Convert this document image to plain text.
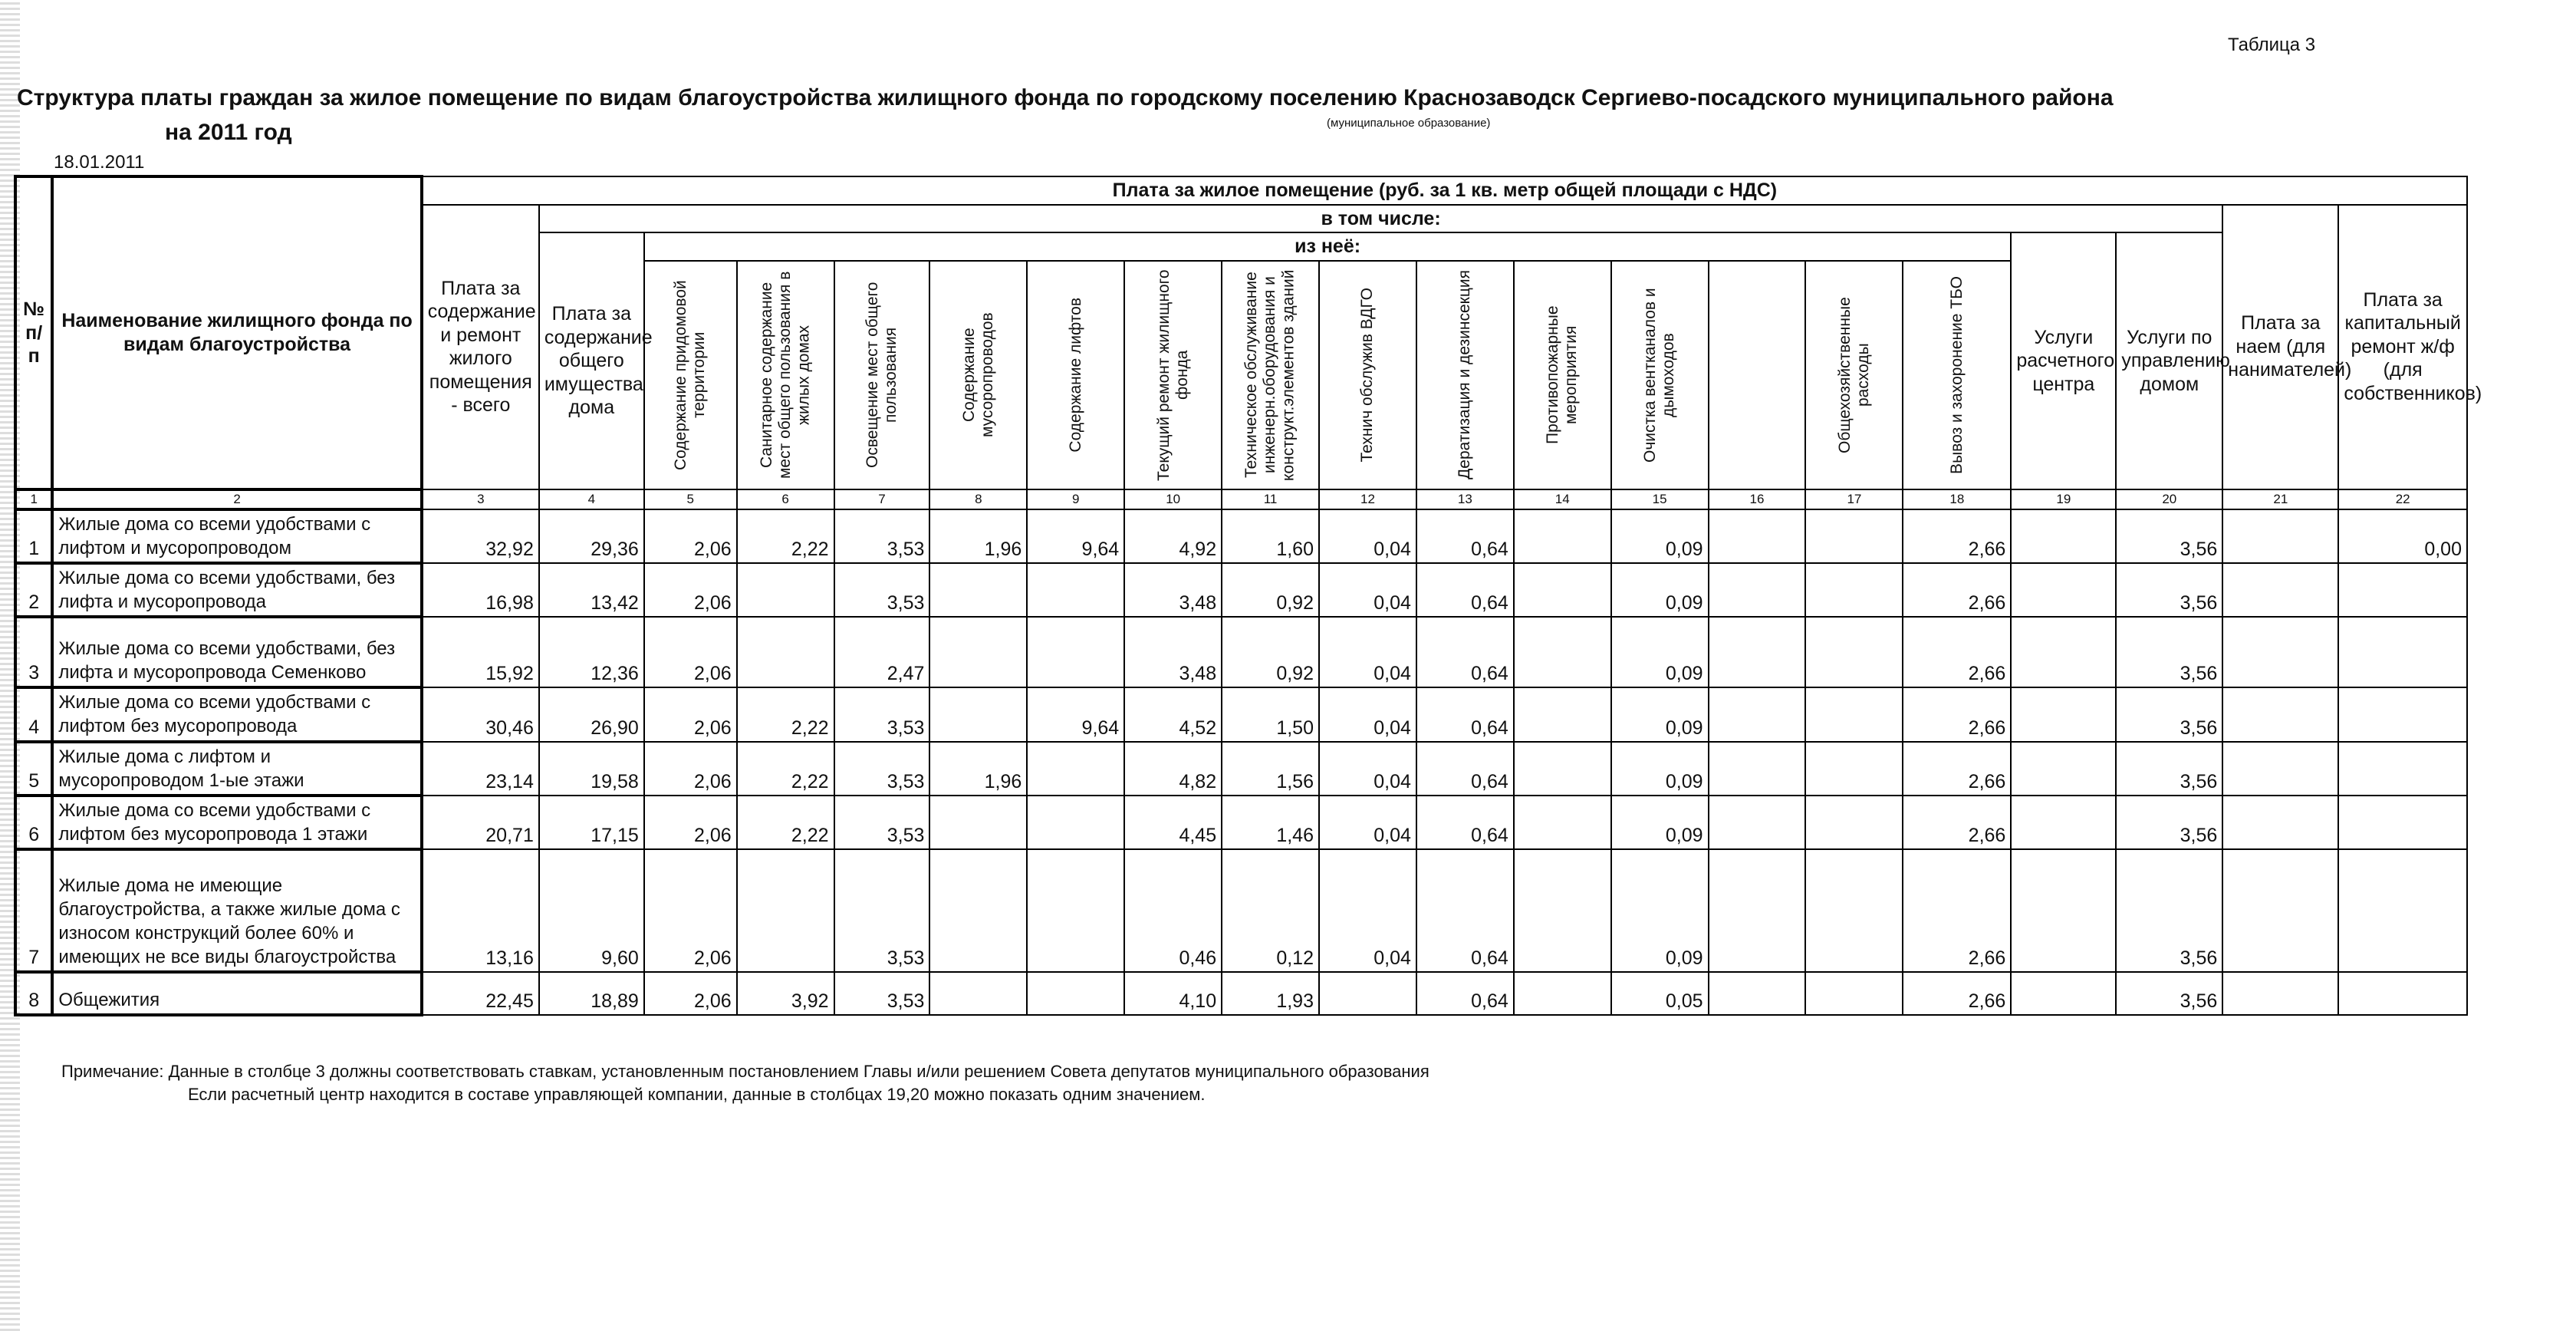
Таблица 3
Структура платы граждан за жилое помещение по видам благоустройства жилищного фонда по городскому поселению Краснозаводск Сергиево-посадского муниципального района
на 2011 год	(муниципальное образование)
18.01.2011
№ п/п	Наименование жилищного фонда по видам благоустройства	Плата за жилое помещение (руб. за 1 кв. метр общей площади с НДС)																			
		Плата за содержание и ремонт жилого помещения - всего	в том числе:																	Плата за наем (для нанимателей)	Плата за капитальный ремонт ж/ф (для собственников)
			Плата за содержание общего имущества дома	из неё:														Услуги расчетного центра	Услуги по управлению домом		

				Содержание придомовой территории	Санитарное содержание мест общего пользования в жилых домах	Освещение мест общего пользования	Содержание мусоропроводов	Содержание лифтов	Текущий ремонт жилищного фонда	Техническое обслуживание инженерн.оборудования и конструкт.элементов зданий	Технич обслужив ВДГО	Дератизация и дезинсекция	Противопожарные мероприятия	Очистка вентканалов и дымоходов		Общехозяйственные расходы	Вывоз и захоронение ТБО				

1	2	3	4	5	6	7	8	9	10	11	12	13	14	15	16	17	18	19	20	21	22
1	Жилые дома со всеми удобствами с лифтом и мусоропроводом	32,92	29,36	2,06	2,22	3,53	1,96	9,64	4,92	1,60	0,04	0,64		0,09			2,66		3,56		0,00
2	Жилые дома со всеми удобствами, без лифта и мусоропровода	16,98	13,42	2,06		3,53			3,48	0,92	0,04	0,64		0,09			2,66		3,56		
3	Жилые дома со всеми удобствами, без лифта и мусоропровода Семенково	15,92	12,36	2,06		2,47			3,48	0,92	0,04	0,64		0,09			2,66		3,56		
4	Жилые дома со всеми удобствами с лифтом без мусоропровода	30,46	26,90	2,06	2,22	3,53		9,64	4,52	1,50	0,04	0,64		0,09			2,66		3,56		
5	Жилые дома с лифтом и мусоропроводом 1-ые этажи	23,14	19,58	2,06	2,22	3,53	1,96		4,82	1,56	0,04	0,64		0,09			2,66		3,56		
6	Жилые дома со всеми удобствами с лифтом без мусоропровода 1 этажи	20,71	17,15	2,06	2,22	3,53			4,45	1,46	0,04	0,64		0,09			2,66		3,56		
7	Жилые дома не имеющие благоустройства, а также жилые дома с износом конструкций более 60% и имеющих не все виды благоустройства	13,16	9,60	2,06		3,53			0,46	0,12	0,04	0,64		0,09			2,66		3,56		
8	Общежития	22,45	18,89	2,06	3,92	3,53			4,10	1,93		0,64		0,05			2,66		3,56		
Примечание: Данные в столбце 3 должны соответствовать ставкам, установленным постановлением Главы и/или решением Совета депутатов муниципального образования
Если расчетный центр находится в составе управляющей компании, данные в столбцах 19,20 можно показать одним значением.
